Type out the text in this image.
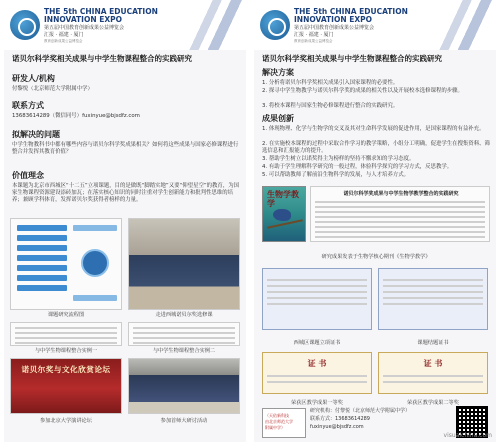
THE 5th CHINA EDUCATION
INNOVATION EXPO
第五届中国教育创新成果公益博览会
汇报 · 福建 · 厦门
教育创新成果公益博览会
诺贝尔科学奖相关成果与中学生物课程整合的实践研究
研发人/机构
付黎悦（北京师范大学附属中学）
联系方式
13683614289（微信同号）fuxinyue@bjsdfz.com
拟解决的问题
中学生物教科书中都有哪些内容与诺贝尔科学奖成果相关？如何将这些成果与国家必修课程进行整合并发挥其教育价值？
价值理念
本课题为北京市西城区“十二五”立项课题，目的是做既“脚踏实地”又要“仰望星空”的教育，为国家生物课程资源建设添砖加瓦；在落实核心知识的同时注重对学生创新能力和批判性思维的培养；兼顾学科体育，发挥诺贝尔奖获得者榜样的力量。
课题研究流程图	走进西城诺贝尔奖选修课
与中学生物课程整合实例一	与中学生物课程整合实例二
诺贝尔奖与文化欣赏论坛
参加北京大学演讲论坛	参加首师大研讨活动
THE 5th CHINA EDUCATION
INNOVATION EXPO
第五届中国教育创新成果公益博览会
汇报 · 福建 · 厦门
教育创新成果公益博览会
诺贝尔科学奖相关成果与中学生物课程整合的实践研究
解决方案
1. 分析将诺贝尔科学奖相关成果引入国家课程的必要性。
2. 探寻中学生物教学与诺贝尔科学奖的成果的相关性以及开展校本选修课程的步骤。
3. 将校本课程与国家生物必修课程进行整合的实践研究。
成果创新
1. 体现物理、化学与生物学的交叉及其对生命科学发展的促进作用，是国家课程的有益补充。
2. 在实施校本课程的过程中采取合作学习的教学策略，小组分工明确，促进学生在搜集资料、筛选信息和汇报能力的提升。
3. 帮助学生树立以诺奖得主为榜样的坚持不懈求知的学习态度。
4. 有助于学生理解科学研究的一般过程，体验科学探究的学习方式，反思教学。
5. 可以帮助教师了解前沿生物科学的发展，与人才培养方式。
生物学教学
诺贝尔科学奖成果与中学生物学教学整合的实践研究
研究成果发表于生物学核心期刊《生物学教学》
西城区课题立项证书	课题结题证书
证 书	证 书
荣获区教学成果一等奖	荣获区教学成果二等奖
（天佑新科技
由北京师范大学
附属中学）
研究机构：付黎悦（北京师范大学附属中学）
联系方式：13683614289
fuxinyue@bjsdfz.com
visualchina.com
